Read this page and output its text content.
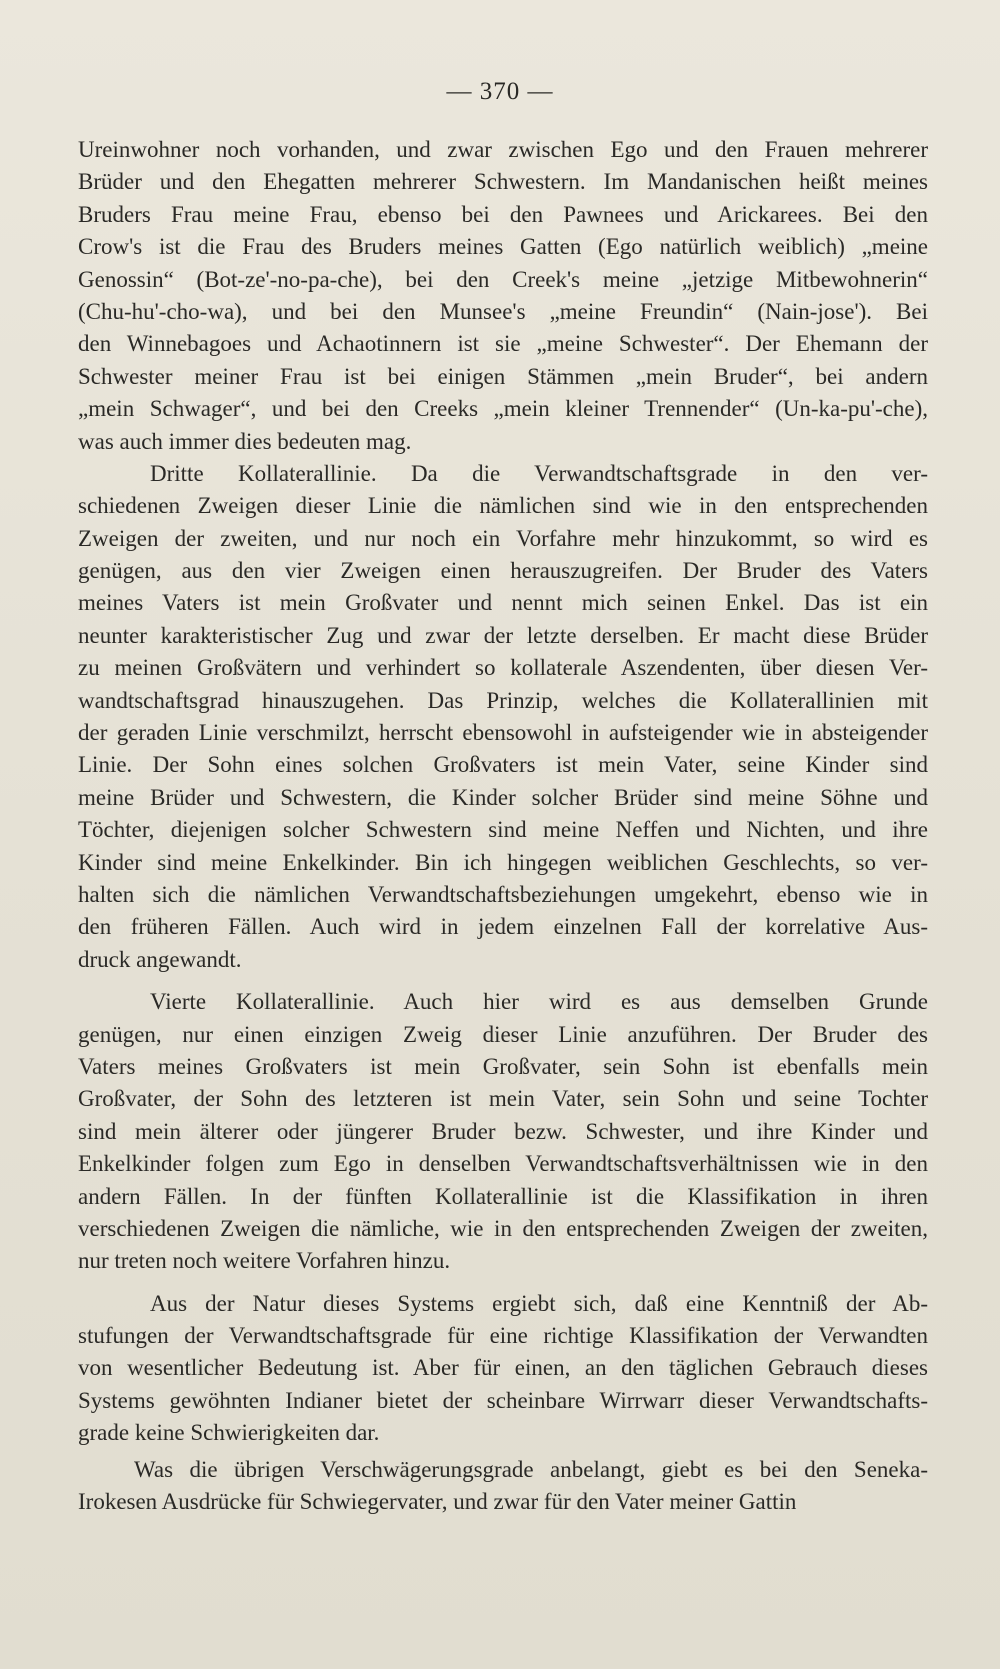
— 370 —
Ureinwohner noch vorhanden, und zwar zwischen Ego und den Frauen mehrerer
Brüder und den Ehegatten mehrerer Schwestern. Im Mandanischen heißt meines
Bruders Frau meine Frau, ebenso bei den Pawnees und Arickarees. Bei den
Crow's ist die Frau des Bruders meines Gatten (Ego natürlich weiblich) „meine
Genossin“ (Bot-ze'-no-pa-che), bei den Creek's meine „jetzige Mitbewohnerin“
(Chu-hu'-cho-wa), und bei den Munsee's „meine Freundin“ (Nain-jose'). Bei
den Winnebagoes und Achaotinnern ist sie „meine Schwester“. Der Ehemann der
Schwester meiner Frau ist bei einigen Stämmen „mein Bruder“, bei andern
„mein Schwager“, und bei den Creeks „mein kleiner Trennender“ (Un-ka-pu'-che),
was auch immer dies bedeuten mag.
Dritte Kollaterallinie. Da die Verwandtschaftsgrade in den ver-
schiedenen Zweigen dieser Linie die nämlichen sind wie in den entsprechenden
Zweigen der zweiten, und nur noch ein Vorfahre mehr hinzukommt, so wird es
genügen, aus den vier Zweigen einen herauszugreifen. Der Bruder des Vaters
meines Vaters ist mein Großvater und nennt mich seinen Enkel. Das ist ein
neunter karakteristischer Zug und zwar der letzte derselben. Er macht diese Brüder
zu meinen Großvätern und verhindert so kollaterale Aszendenten, über diesen Ver-
wandtschaftsgrad hinauszugehen. Das Prinzip, welches die Kollaterallinien mit
der geraden Linie verschmilzt, herrscht ebensowohl in aufsteigender wie in absteigender
Linie. Der Sohn eines solchen Großvaters ist mein Vater, seine Kinder sind
meine Brüder und Schwestern, die Kinder solcher Brüder sind meine Söhne und
Töchter, diejenigen solcher Schwestern sind meine Neffen und Nichten, und ihre
Kinder sind meine Enkelkinder. Bin ich hingegen weiblichen Geschlechts, so ver-
halten sich die nämlichen Verwandtschaftsbeziehungen umgekehrt, ebenso wie in
den früheren Fällen. Auch wird in jedem einzelnen Fall der korrelative Aus-
druck angewandt.
Vierte Kollaterallinie. Auch hier wird es aus demselben Grunde
genügen, nur einen einzigen Zweig dieser Linie anzuführen. Der Bruder des
Vaters meines Großvaters ist mein Großvater, sein Sohn ist ebenfalls mein
Großvater, der Sohn des letzteren ist mein Vater, sein Sohn und seine Tochter
sind mein älterer oder jüngerer Bruder bezw. Schwester, und ihre Kinder und
Enkelkinder folgen zum Ego in denselben Verwandtschaftsverhältnissen wie in den
andern Fällen. In der fünften Kollaterallinie ist die Klassifikation in ihren
verschiedenen Zweigen die nämliche, wie in den entsprechenden Zweigen der zweiten,
nur treten noch weitere Vorfahren hinzu.
Aus der Natur dieses Systems ergiebt sich, daß eine Kenntniß der Ab-
stufungen der Verwandtschaftsgrade für eine richtige Klassifikation der Verwandten
von wesentlicher Bedeutung ist. Aber für einen, an den täglichen Gebrauch dieses
Systems gewöhnten Indianer bietet der scheinbare Wirrwarr dieser Verwandtschafts-
grade keine Schwierigkeiten dar.
Was die übrigen Verschwägerungsgrade anbelangt, giebt es bei den Seneka-
Irokesen Ausdrücke für Schwiegervater, und zwar für den Vater meiner Gattin
